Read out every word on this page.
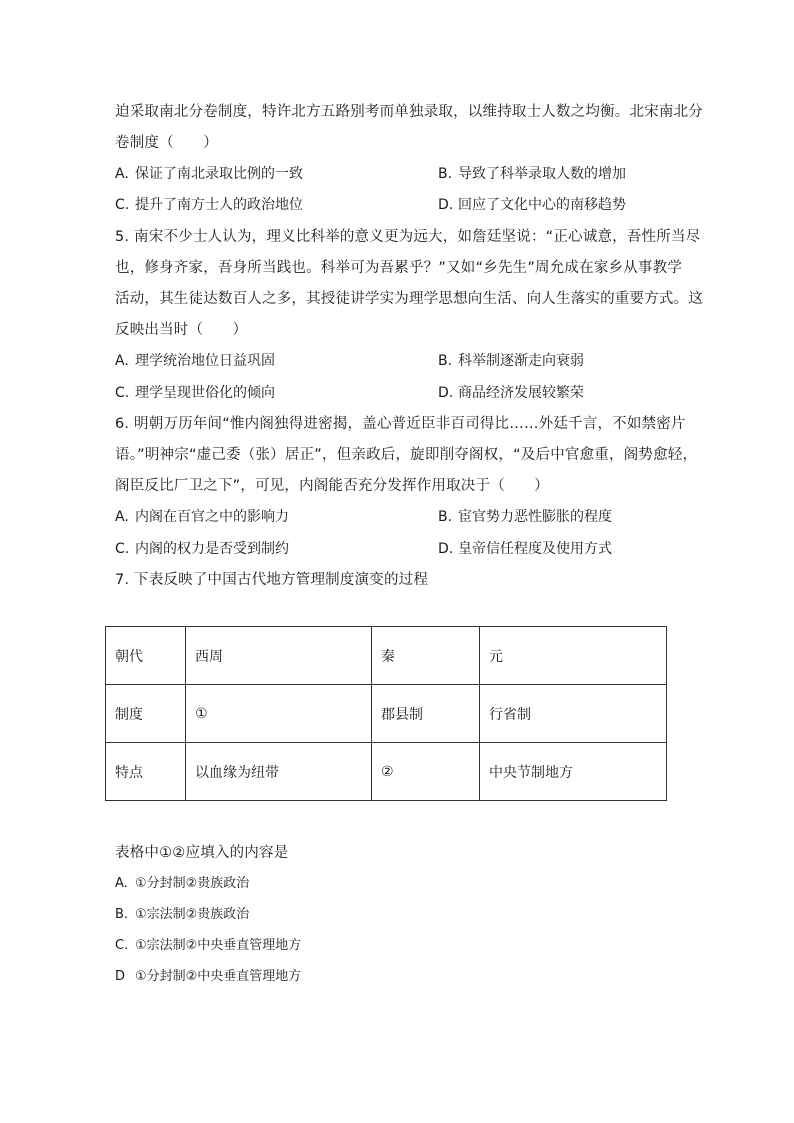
迫采取南北分卷制度，特许北方五路别考而单独录取，以维持取士人数之均衡。北宋南北分
卷制度（　　）
A. 保证了南北录取比例的一致	B. 导致了科举录取人数的增加
C. 提升了南方士人的政治地位	D. 回应了文化中心的南移趋势
5. 南宋不少士人认为，理义比科举的意义更为远大，如詹廷坚说：“正心诚意，吾性所当尽
也，修身齐家，吾身所当践也。科举可为吾累乎？”又如“乡先生”周允成在家乡从事教学
活动，其生徒达数百人之多，其授徒讲学实为理学思想向生活、向人生落实的重要方式。这
反映出当时（　　）
A. 理学统治地位日益巩固	B. 科举制逐渐走向衰弱
C. 理学呈现世俗化的倾向	D. 商品经济发展较繁荣
6. 明朝万历年间“惟内阁独得进密揭，盖心普近臣非百司得比……外廷千言，不如禁密片
语。”明神宗“虚己委（张）居正”，但亲政后，旋即削夺阁权，“及后中官愈重，阁势愈轻，
阁臣反比厂卫之下”，可见，内阁能否充分发挥作用取决于（　　）
A. 内阁在百官之中的影响力	B. 宦官势力恶性膨胀的程度
C. 内阁的权力是否受到制约	D. 皇帝信任程度及使用方式
7. 下表反映了中国古代地方管理制度演变的过程
朝代	西周	秦	元
制度	①	郡县制	行省制
特点	以血缘为纽带	②	中央节制地方
表格中①②应填入的内容是
A. ①分封制②贵族政治
B. ①宗法制②贵族政治
C. ①宗法制②中央垂直管理地方
D ①分封制②中央垂直管理地方
